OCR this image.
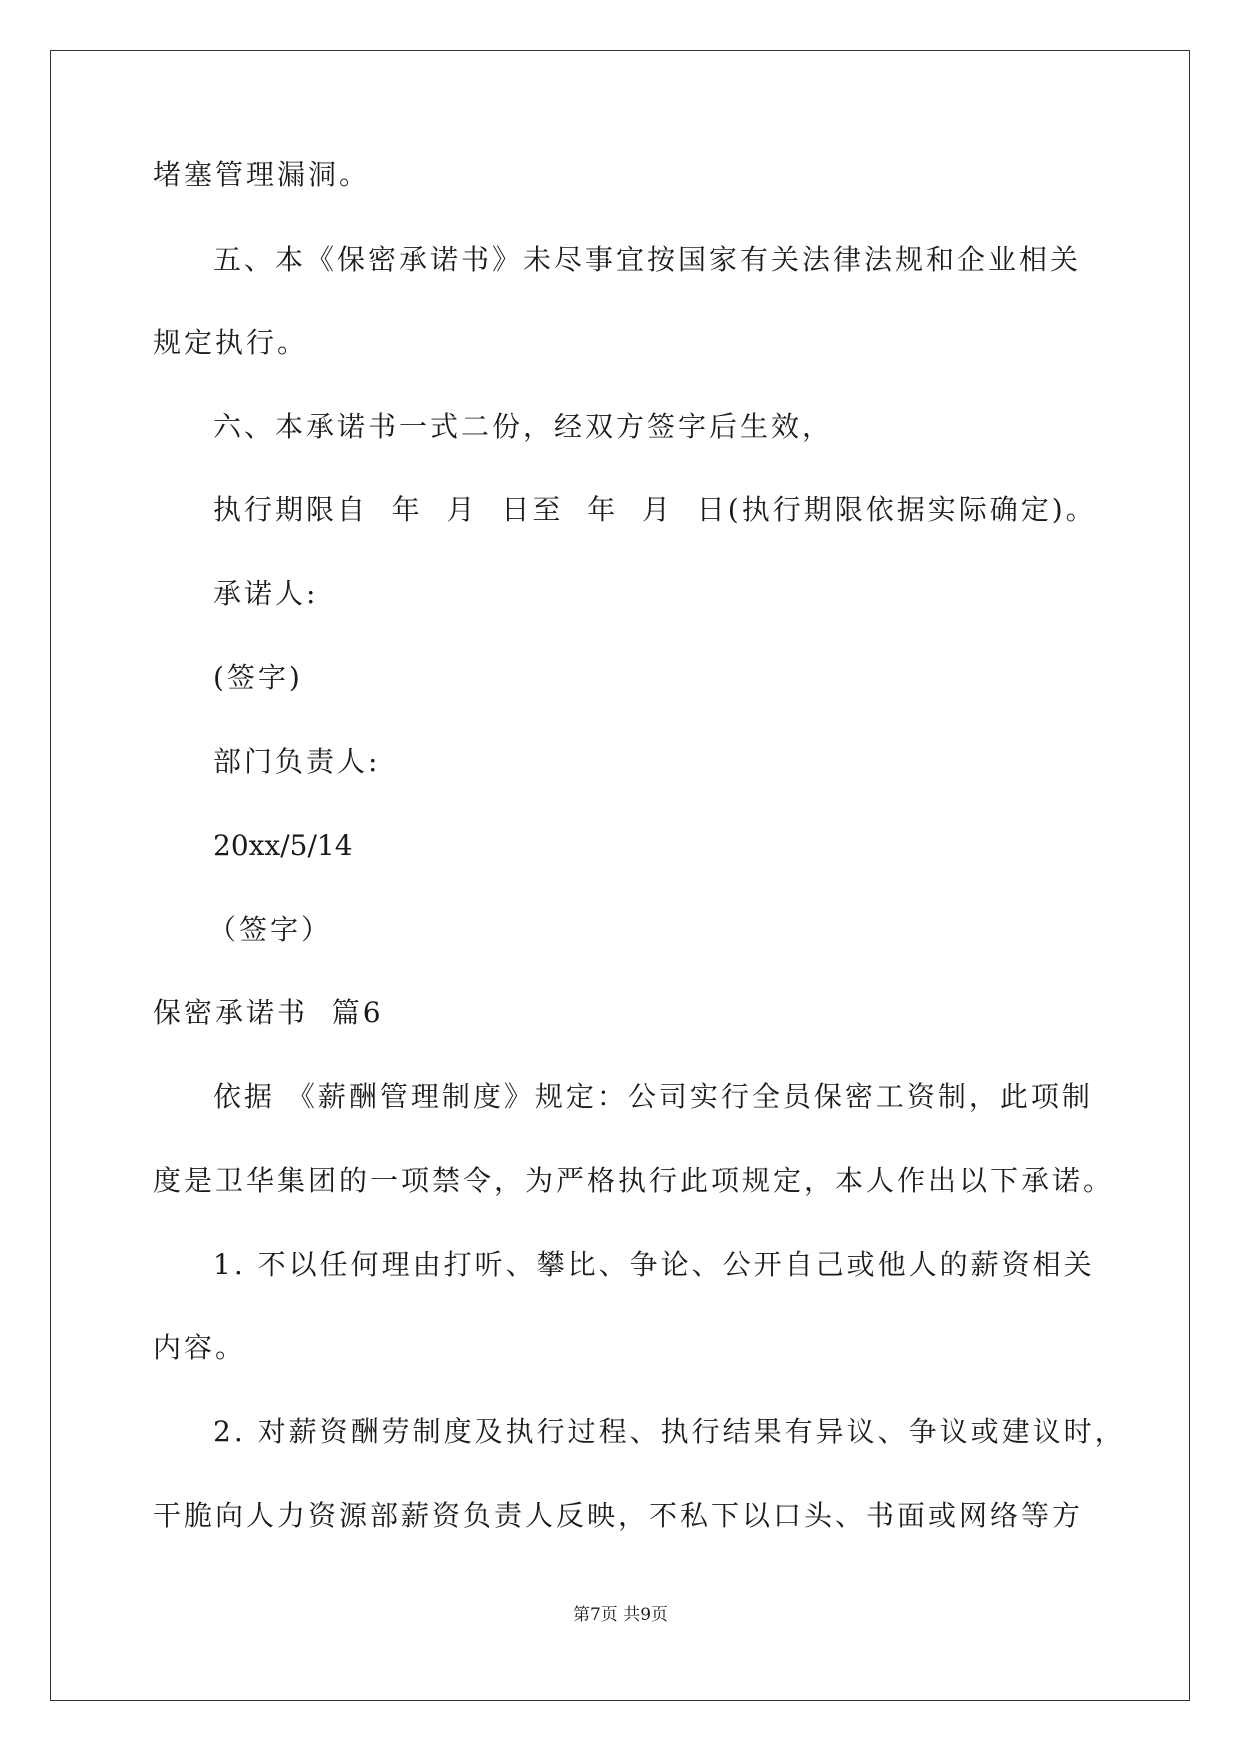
堵塞管理漏洞。
五、本《保密承诺书》未尽事宜按国家有关法律法规和企业相关
规定执行。
六、本承诺书一式二份，经双方签字后生效，
执行期限自  年  月  日至  年  月  日(执行期限依据实际确定)。
承诺人:
(签字)
部门负责人:
20xx/5/14
（签字）
保密承诺书  篇6
依据 《薪酬管理制度》规定：公司实行全员保密工资制，此项制
度是卫华集团的一项禁令，为严格执行此项规定，本人作出以下承诺。
1. 不以任何理由打听、攀比、争论、公开自己或他人的薪资相关
内容。
2. 对薪资酬劳制度及执行过程、执行结果有异议、争议或建议时，
干脆向人力资源部薪资负责人反映，不私下以口头、书面或网络等方
第7页 共9页
